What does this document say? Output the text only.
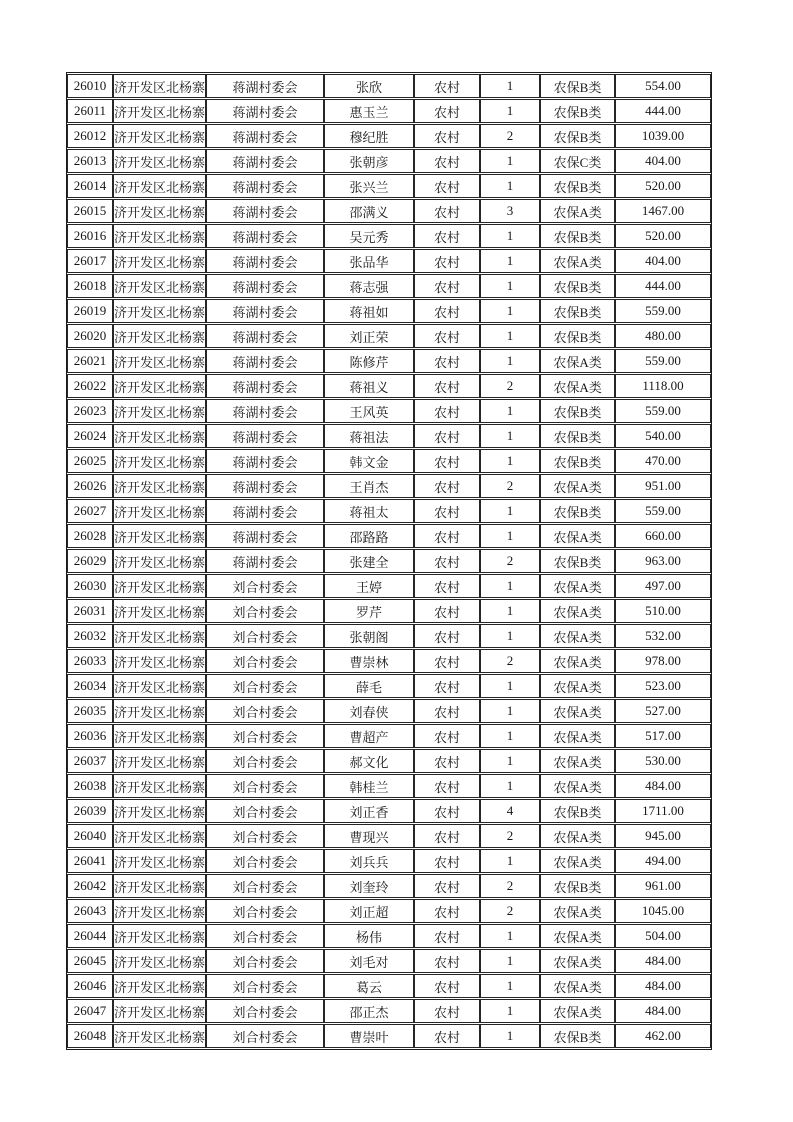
26010	济开发区北杨寨	蒋湖村委会	张欣	农村	1	农保B类	554.00

26011	济开发区北杨寨	蒋湖村委会	惠玉兰	农村	1	农保B类	444.00

26012	济开发区北杨寨	蒋湖村委会	穆纪胜	农村	2	农保B类	1039.00

26013	济开发区北杨寨	蒋湖村委会	张朝彦	农村	1	农保C类	404.00

26014	济开发区北杨寨	蒋湖村委会	张兴兰	农村	1	农保B类	520.00

26015	济开发区北杨寨	蒋湖村委会	邵满义	农村	3	农保A类	1467.00

26016	济开发区北杨寨	蒋湖村委会	吴元秀	农村	1	农保B类	520.00

26017	济开发区北杨寨	蒋湖村委会	张品华	农村	1	农保A类	404.00

26018	济开发区北杨寨	蒋湖村委会	蒋志强	农村	1	农保B类	444.00

26019	济开发区北杨寨	蒋湖村委会	蒋祖如	农村	1	农保B类	559.00

26020	济开发区北杨寨	蒋湖村委会	刘正荣	农村	1	农保B类	480.00

26021	济开发区北杨寨	蒋湖村委会	陈修芹	农村	1	农保A类	559.00

26022	济开发区北杨寨	蒋湖村委会	蒋祖义	农村	2	农保A类	1118.00

26023	济开发区北杨寨	蒋湖村委会	王风英	农村	1	农保B类	559.00

26024	济开发区北杨寨	蒋湖村委会	蒋祖法	农村	1	农保B类	540.00

26025	济开发区北杨寨	蒋湖村委会	韩文金	农村	1	农保B类	470.00

26026	济开发区北杨寨	蒋湖村委会	王肖杰	农村	2	农保A类	951.00

26027	济开发区北杨寨	蒋湖村委会	蒋祖太	农村	1	农保B类	559.00

26028	济开发区北杨寨	蒋湖村委会	邵路路	农村	1	农保A类	660.00

26029	济开发区北杨寨	蒋湖村委会	张建全	农村	2	农保B类	963.00

26030	济开发区北杨寨	刘合村委会	王婷	农村	1	农保A类	497.00

26031	济开发区北杨寨	刘合村委会	罗芹	农村	1	农保A类	510.00

26032	济开发区北杨寨	刘合村委会	张朝阁	农村	1	农保A类	532.00

26033	济开发区北杨寨	刘合村委会	曹崇林	农村	2	农保A类	978.00

26034	济开发区北杨寨	刘合村委会	薛毛	农村	1	农保A类	523.00

26035	济开发区北杨寨	刘合村委会	刘春侠	农村	1	农保A类	527.00

26036	济开发区北杨寨	刘合村委会	曹超产	农村	1	农保A类	517.00

26037	济开发区北杨寨	刘合村委会	郝文化	农村	1	农保A类	530.00

26038	济开发区北杨寨	刘合村委会	韩桂兰	农村	1	农保A类	484.00

26039	济开发区北杨寨	刘合村委会	刘正香	农村	4	农保B类	1711.00

26040	济开发区北杨寨	刘合村委会	曹现兴	农村	2	农保A类	945.00

26041	济开发区北杨寨	刘合村委会	刘兵兵	农村	1	农保A类	494.00

26042	济开发区北杨寨	刘合村委会	刘奎玲	农村	2	农保B类	961.00

26043	济开发区北杨寨	刘合村委会	刘正超	农村	2	农保A类	1045.00

26044	济开发区北杨寨	刘合村委会	杨伟	农村	1	农保A类	504.00

26045	济开发区北杨寨	刘合村委会	刘毛对	农村	1	农保A类	484.00

26046	济开发区北杨寨	刘合村委会	葛云	农村	1	农保A类	484.00

26047	济开发区北杨寨	刘合村委会	邵正杰	农村	1	农保A类	484.00

26048	济开发区北杨寨	刘合村委会	曹崇叶	农村	1	农保B类	462.00
